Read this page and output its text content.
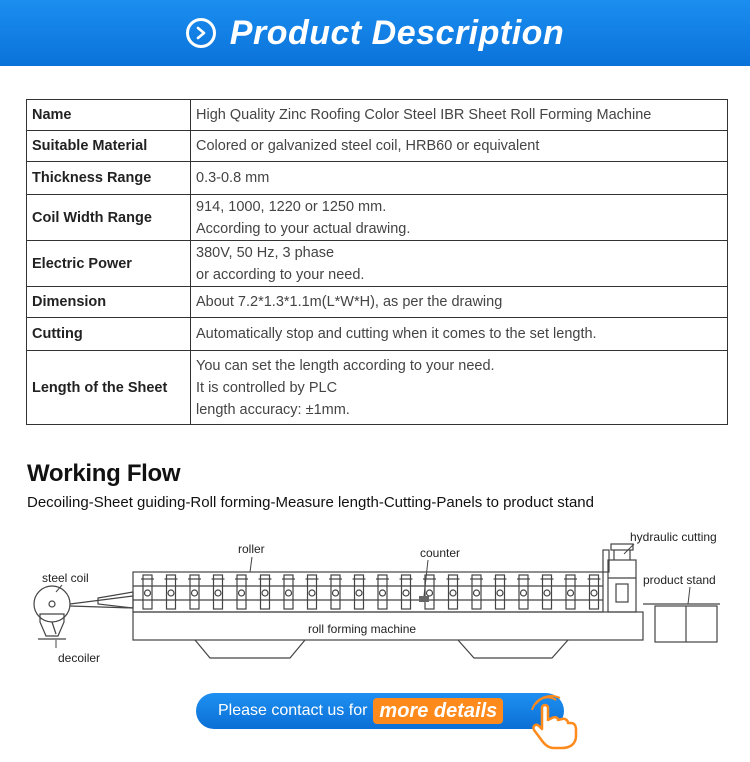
Product Description
Name	High Quality Zinc Roofing Color Steel IBR Sheet Roll Forming Machine

Suitable Material	Colored or galvanized steel coil, HRB60 or equivalent

Thickness Range	0.3-0.8 mm

Coil Width Range	914, 1000, 1220 or 1250 mm.
According to your actual drawing.

Electric Power	380V, 50 Hz, 3 phase
or according to your need.

Dimension	About 7.2*1.3*1.1m(L*W*H), as per the drawing

Cutting	Automatically stop and cutting when it comes to the set length.

Length of the Sheet	You can set the length according to your need.
It is controlled by PLC
length accuracy: ±1mm.
Working Flow
Decoiling-Sheet guiding-Roll forming-Measure length-Cutting-Panels to product stand
steel coil
decoiler
roller	counter
roll forming machine
hydraulic cutting
product stand
Please contact us for more details
